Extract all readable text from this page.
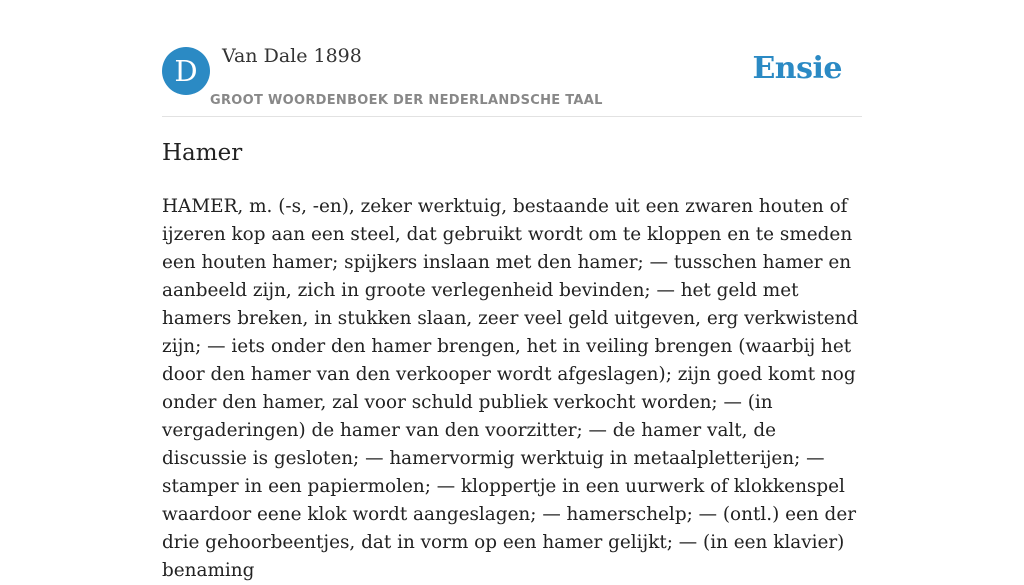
D	Van Dale 1898
GROOT WOORDENBOEK DER NEDERLANDSCHE TAAL
Ensie
Hamer

HAMER, m. (-s, -en), zeker werktuig, bestaande uit een zwaren houten of ijzeren kop aan een steel, dat gebruikt wordt om te kloppen en te smeden een houten hamer; spijkers inslaan met den hamer; — tusschen hamer en aanbeeld zijn, zich in groote verlegenheid bevinden; — het geld met hamers breken, in stukken slaan, zeer veel geld uitgeven, erg verkwistend zijn; — iets onder den hamer brengen, het in veiling brengen (waarbij het door den hamer van den verkooper wordt afgeslagen); zijn goed komt nog onder den hamer, zal voor schuld publiek verkocht worden; — (in vergaderingen) de hamer van den voorzitter; — de hamer valt, de discussie is gesloten; — hamervormig werktuig in metaalpletterijen; — stamper in een papiermolen; — kloppertje in een uurwerk of klokkenspel waardoor eene klok wordt aangeslagen; — hamerschelp; — (ontl.) een der drie gehoorbeentjes, dat in vorm op een hamer gelijkt; — (in een klavier) benaming
